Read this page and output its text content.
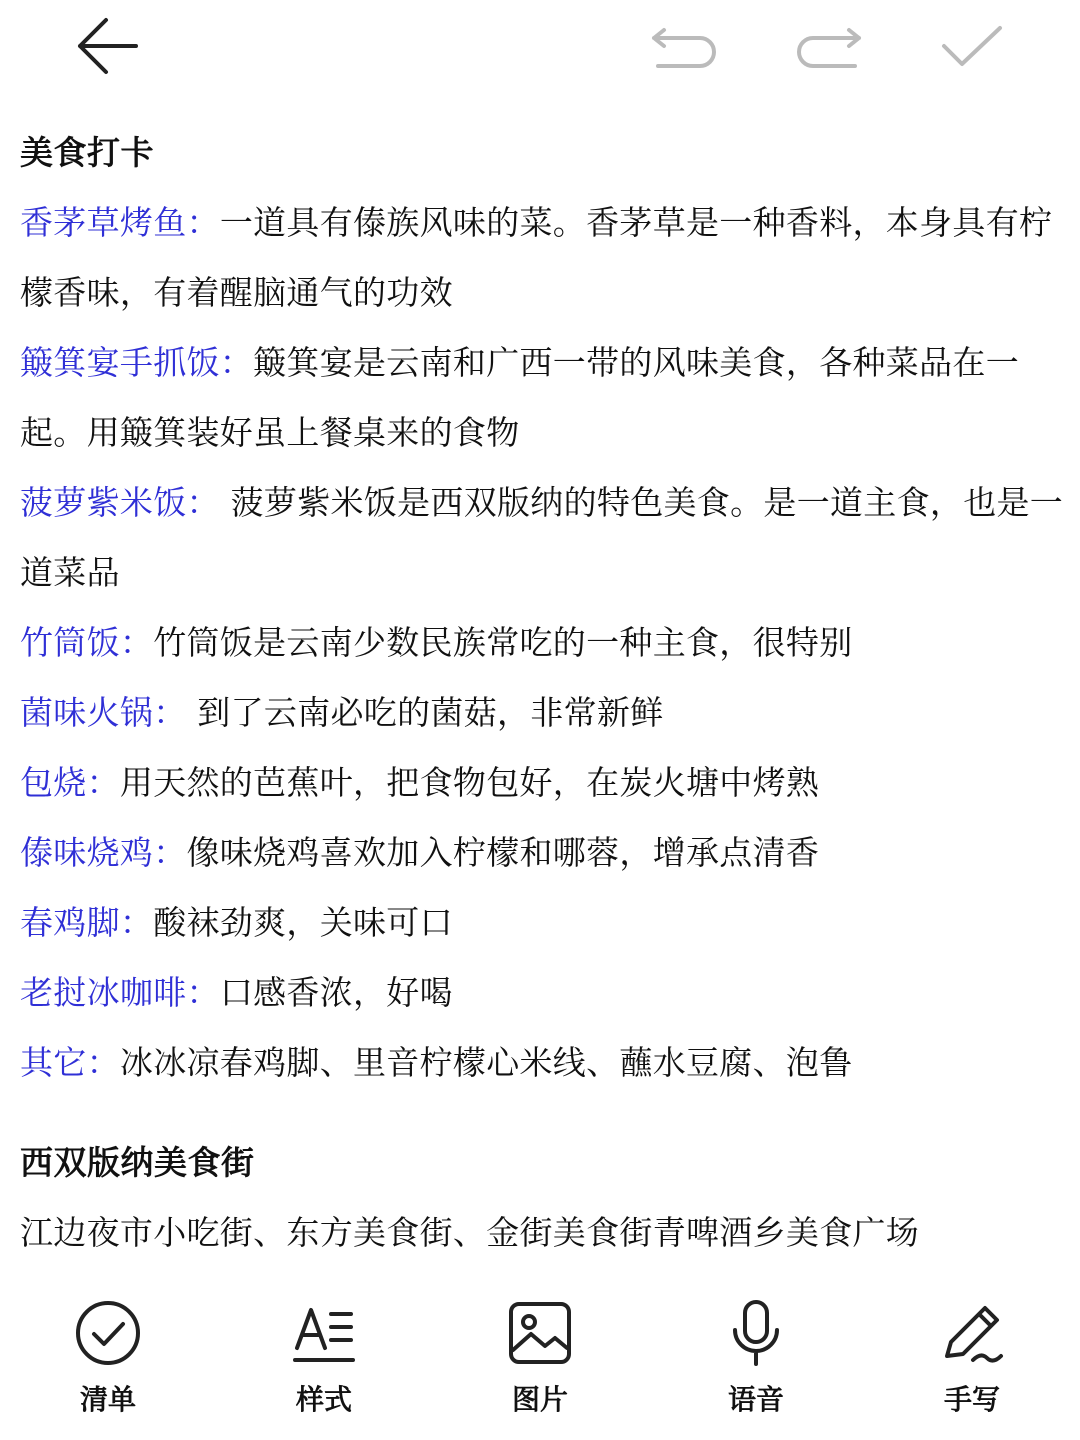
美食打卡
香茅草烤鱼：一道具有傣族风味的菜。香茅草是一种香料，本身具有柠檬香味，有着醒脑通气的功效
簸箕宴手抓饭：簸箕宴是云南和广西一带的风味美食，各种菜品在一起。用簸箕装好虽上餐桌来的食物
菠萝紫米饭： 菠萝紫米饭是西双版纳的特色美食。是一道主食，也是一道菜品
竹筒饭：竹筒饭是云南少数民族常吃的一种主食，很特别
菌味火锅： 到了云南必吃的菌菇，非常新鲜
包烧：用天然的芭蕉叶，把食物包好，在炭火塘中烤熟
傣味烧鸡：像味烧鸡喜欢加入柠檬和哪蓉，增承点清香
春鸡脚：酸袜劲爽，关味可口
老挝冰咖啡：口感香浓，好喝
其它：冰冰凉春鸡脚、里音柠檬心米线、蘸水豆腐、泡鲁
西双版纳美食街
江边夜市小吃街、东方美食街、金街美食街青啤酒乡美食广场
清单	样式	图片	语音	手写
